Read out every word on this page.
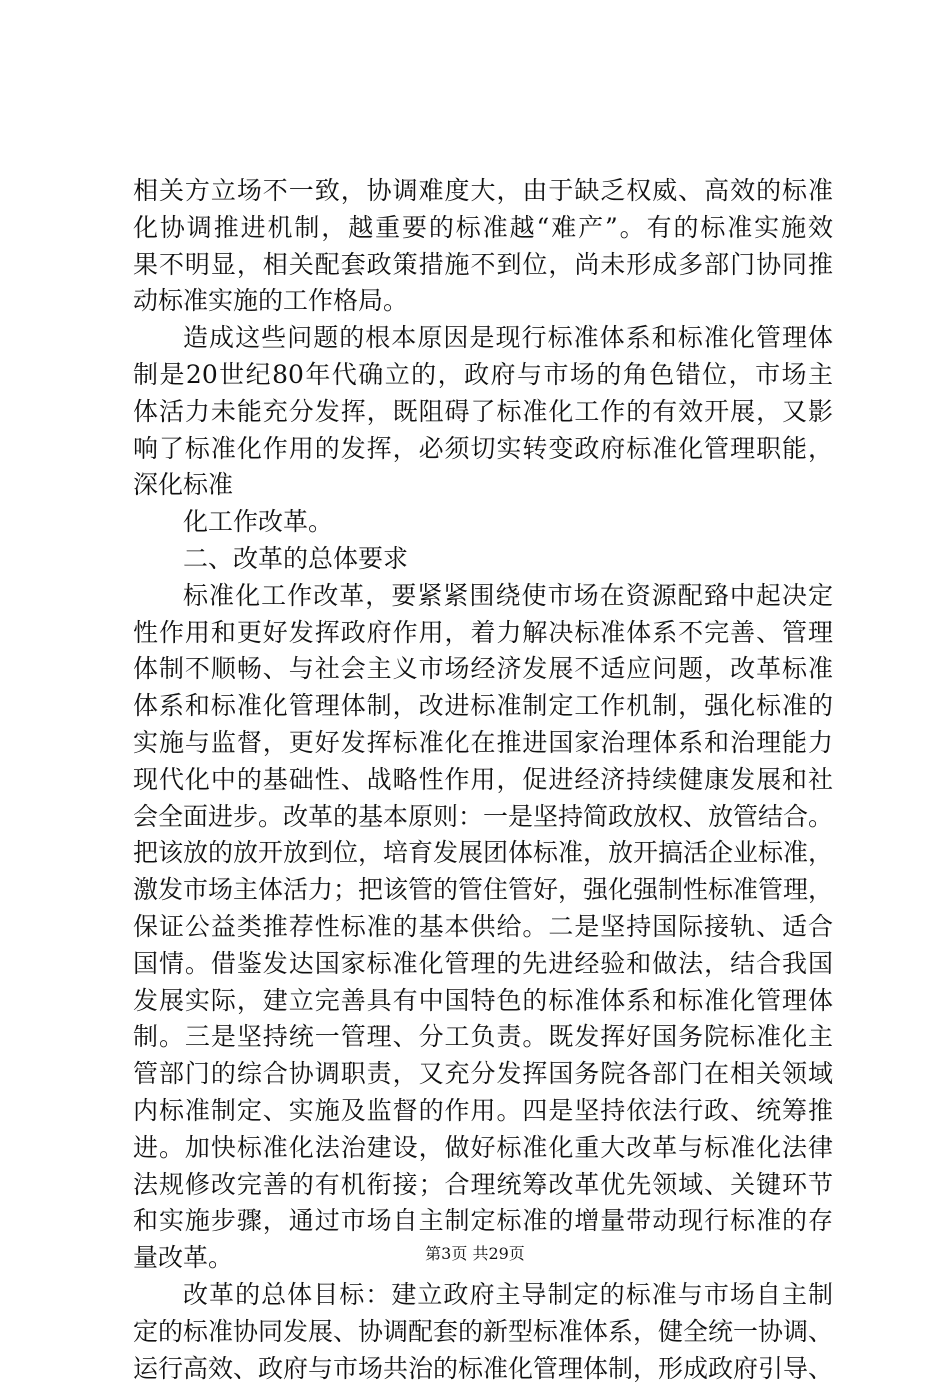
相关方立场不一致，协调难度大，由于缺乏权威、高效的标准
化协调推进机制，越重要的标准越“难产”。有的标准实施效
果不明显，相关配套政策措施不到位，尚未形成多部门协同推
动标准实施的工作格局。
造成这些问题的根本原因是现行标准体系和标准化管理体
制是20世纪80年代确立的，政府与市场的角色错位，市场主
体活力未能充分发挥，既阻碍了标准化工作的有效开展，又影
响了标准化作用的发挥，必须切实转变政府标准化管理职能，
深化标准
化工作改革。
二、改革的总体要求
标准化工作改革，要紧紧围绕使市场在资源配臵中起决定
性作用和更好发挥政府作用，着力解决标准体系不完善、管理
体制不顺畅、与社会主义市场经济发展不适应问题，改革标准
体系和标准化管理体制，改进标准制定工作机制，强化标准的
实施与监督，更好发挥标准化在推进国家治理体系和治理能力
现代化中的基础性、战略性作用，促进经济持续健康发展和社
会全面进步。改革的基本原则：一是坚持简政放权、放管结合。
把该放的放开放到位，培育发展团体标准，放开搞活企业标准，
激发市场主体活力；把该管的管住管好，强化强制性标准管理，
保证公益类推荐性标准的基本供给。二是坚持国际接轨、适合
国情。借鉴发达国家标准化管理的先进经验和做法，结合我国
发展实际，建立完善具有中国特色的标准体系和标准化管理体
制。三是坚持统一管理、分工负责。既发挥好国务院标准化主
管部门的综合协调职责，又充分发挥国务院各部门在相关领域
内标准制定、实施及监督的作用。四是坚持依法行政、统筹推
进。加快标准化法治建设，做好标准化重大改革与标准化法律
法规修改完善的有机衔接；合理统筹改革优先领域、关键环节
和实施步骤，通过市场自主制定标准的增量带动现行标准的存
量改革。
改革的总体目标：建立政府主导制定的标准与市场自主制
定的标准协同发展、协调配套的新型标准体系，健全统一协调、
运行高效、政府与市场共治的标准化管理体制，形成政府引导、
第3页 共29页
